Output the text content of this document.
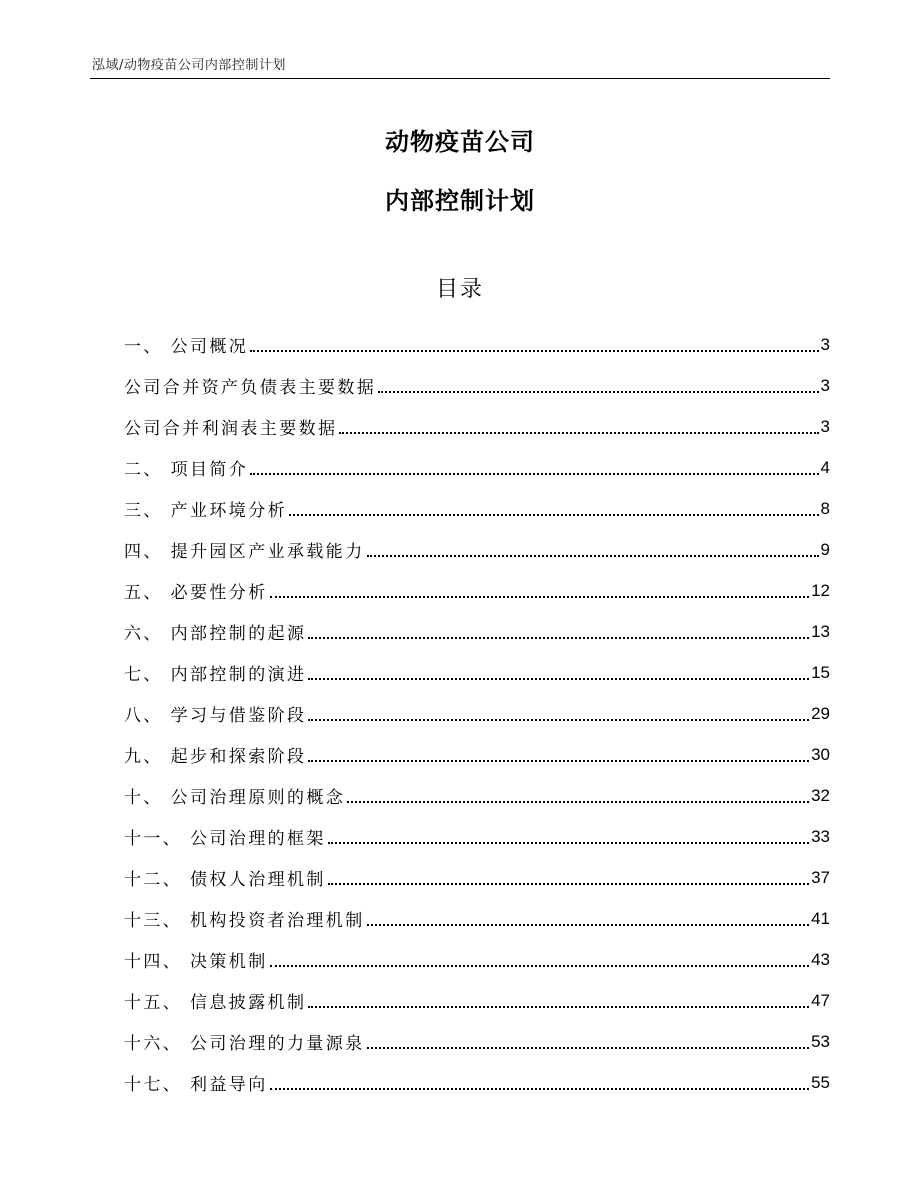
泓域/动物疫苗公司内部控制计划
动物疫苗公司
内部控制计划
目录
一、 公司概况	3
公司合并资产负债表主要数据	3
公司合并利润表主要数据	3
二、 项目简介	4
三、 产业环境分析	8
四、 提升园区产业承载能力	9
五、 必要性分析	12
六、 内部控制的起源	13
七、 内部控制的演进	15
八、 学习与借鉴阶段	29
九、 起步和探索阶段	30
十、 公司治理原则的概念	32
十一、 公司治理的框架	33
十二、 债权人治理机制	37
十三、 机构投资者治理机制	41
十四、 决策机制	43
十五、 信息披露机制	47
十六、 公司治理的力量源泉	53
十七、 利益导向	55
